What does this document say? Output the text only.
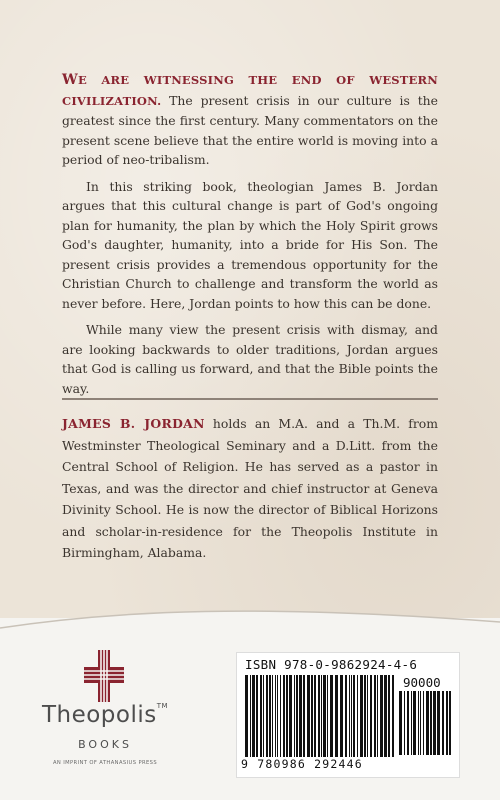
WE ARE WITNESSING THE END OF WESTERN CIVILIZATION. The present crisis in our culture is the greatest since the first century. Many commentators on the present scene believe that the entire world is moving into a period of neo-tribalism.

In this striking book, theologian James B. Jordan argues that this cultural change is part of God's ongoing plan for humanity, the plan by which the Holy Spirit grows God's daughter, humanity, into a bride for His Son. The present crisis provides a tremendous opportunity for the Christian Church to challenge and transform the world as never before. Here, Jordan points to how this can be done.

While many view the present crisis with dismay, and are looking backwards to older traditions, Jordan argues that God is calling us forward, and that the Bible points the way.

JAMES B. JORDAN holds an M.A. and a Th.M. from Westminster Theological Seminary and a D.Litt. from the Central School of Religion. He has served as a pastor in Texas, and was the director and chief instructor at Geneva Divinity School. He is now the director of Biblical Horizons and scholar-in-residence for the Theopolis Institute in Birmingham, Alabama.
Theopolis™
BOOKS
AN IMPRINT OF ATHANASIUS PRESS
ISBN 978-0-9862924-4-6
90000
9 780986 292446
